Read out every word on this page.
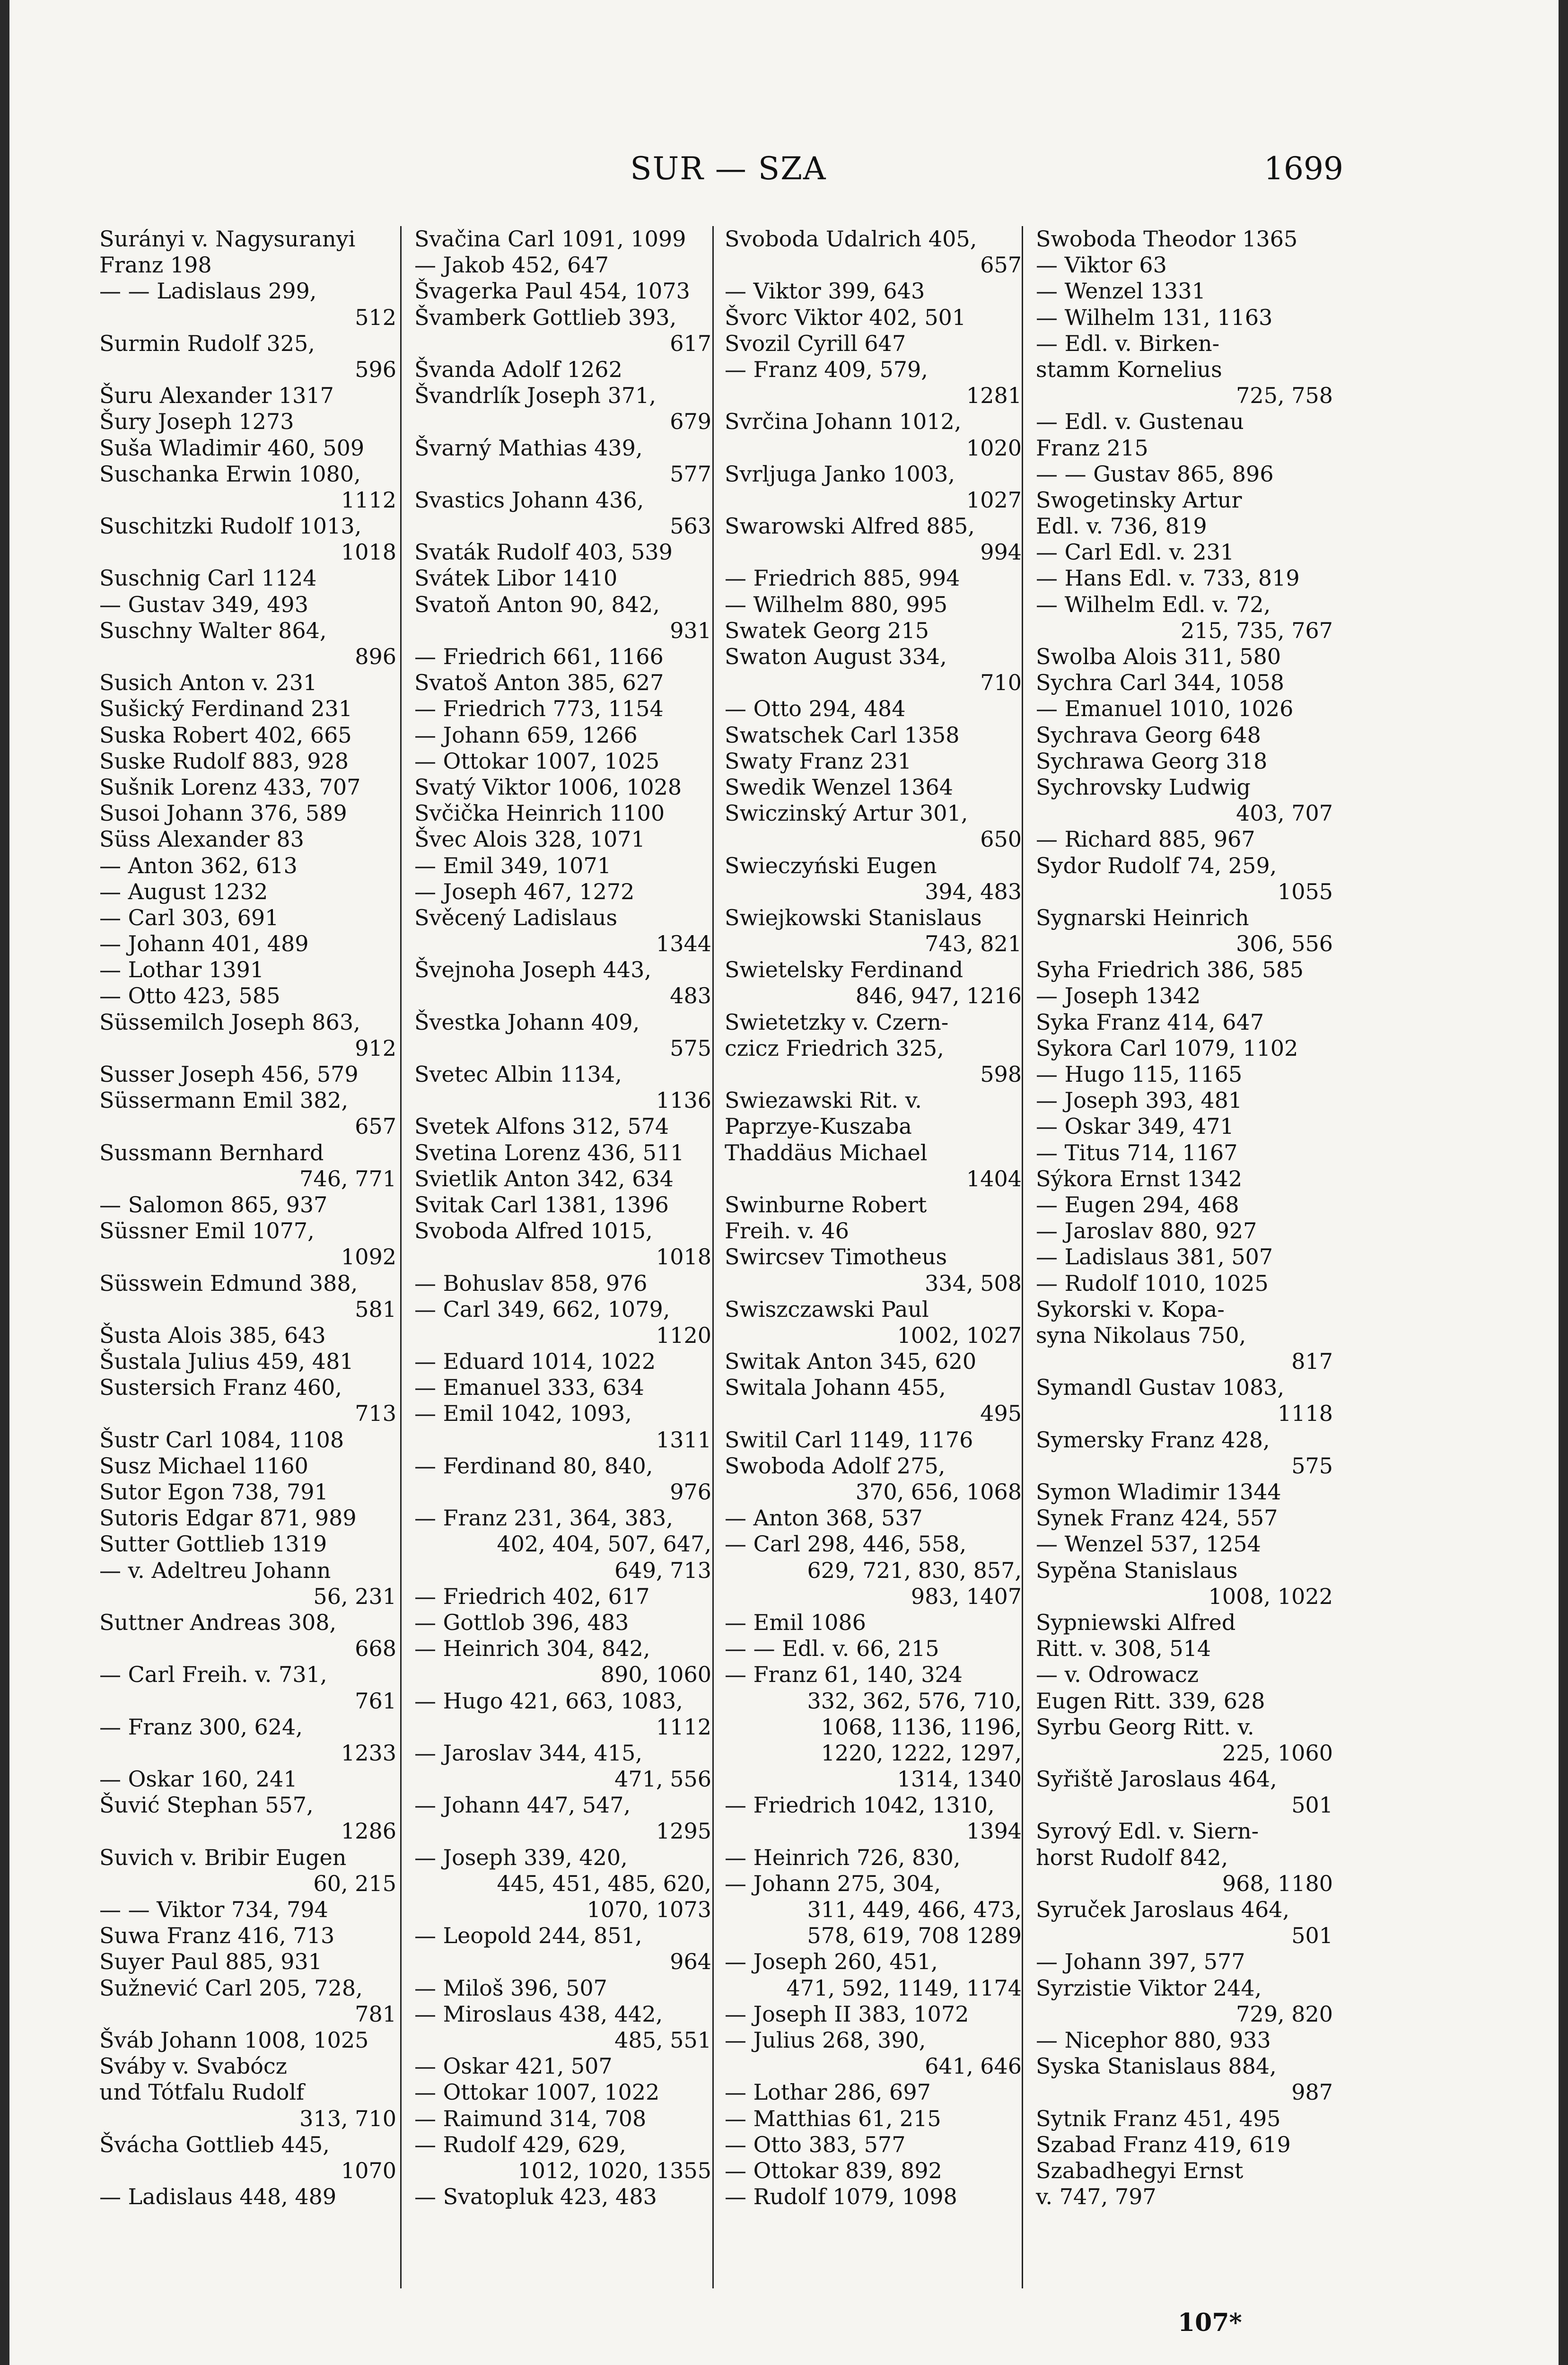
SUR — SZA	1699
Surányi v. Nagysuranyi
Franz 198
— — Ladislaus 299,
512
Surmin Rudolf 325,
596
Šuru Alexander 1317
Šury Joseph 1273
Suša Wladimir 460, 509
Suschanka Erwin 1080,
1112
Suschitzki Rudolf 1013,
1018
Suschnig Carl 1124
— Gustav 349, 493
Suschny Walter 864,
896
Susich Anton v. 231
Sušický Ferdinand 231
Suska Robert 402, 665
Suske Rudolf 883, 928
Sušnik Lorenz 433, 707
Susoi Johann 376, 589
Süss Alexander 83
— Anton 362, 613
— August 1232
— Carl 303, 691
— Johann 401, 489
— Lothar 1391
— Otto 423, 585
Süssemilch Joseph 863,
912
Susser Joseph 456, 579
Süssermann Emil 382,
657
Sussmann Bernhard
746, 771
— Salomon 865, 937
Süssner Emil 1077,
1092
Süsswein Edmund 388,
581
Šusta Alois 385, 643
Šustala Julius 459, 481
Sustersich Franz 460,
713
Šustr Carl 1084, 1108
Susz Michael 1160
Sutor Egon 738, 791
Sutoris Edgar 871, 989
Sutter Gottlieb 1319
— v. Adeltreu Johann
56, 231
Suttner Andreas 308,
668
— Carl Freih. v. 731,
761
— Franz 300, 624,
1233
— Oskar 160, 241
Šuvić Stephan 557,
1286
Suvich v. Bribir Eugen
60, 215
— — Viktor 734, 794
Suwa Franz 416, 713
Suyer Paul 885, 931
Sužnević Carl 205, 728,
781
Šváb Johann 1008, 1025
Sváby v. Svabócz
und Tótfalu Rudolf
313, 710
Švácha Gottlieb 445,
1070
— Ladislaus 448, 489
Svačina Carl 1091, 1099
— Jakob 452, 647
Švagerka Paul 454, 1073
Švamberk Gottlieb 393,
617
Švanda Adolf 1262
Švandrlík Joseph 371,
679
Švarný Mathias 439,
577
Svastics Johann 436,
563
Svaták Rudolf 403, 539
Svátek Libor 1410
Svatoň Anton 90, 842,
931
— Friedrich 661, 1166
Svatoš Anton 385, 627
— Friedrich 773, 1154
— Johann 659, 1266
— Ottokar 1007, 1025
Svatý Viktor 1006, 1028
Svčička Heinrich 1100
Švec Alois 328, 1071
— Emil 349, 1071
— Joseph 467, 1272
Svěcený Ladislaus
1344
Švejnoha Joseph 443,
483
Švestka Johann 409,
575
Svetec Albin 1134,
1136
Svetek Alfons 312, 574
Svetina Lorenz 436, 511
Svietlik Anton 342, 634
Svitak Carl 1381, 1396
Svoboda Alfred 1015,
1018
— Bohuslav 858, 976
— Carl 349, 662, 1079,
1120
— Eduard 1014, 1022
— Emanuel 333, 634
— Emil 1042, 1093,
1311
— Ferdinand 80, 840,
976
— Franz 231, 364, 383,
402, 404, 507, 647,
649, 713
— Friedrich 402, 617
— Gottlob 396, 483
— Heinrich 304, 842,
890, 1060
— Hugo 421, 663, 1083,
1112
— Jaroslav 344, 415,
471, 556
— Johann 447, 547,
1295
— Joseph 339, 420,
445, 451, 485, 620,
1070, 1073
— Leopold 244, 851,
964
— Miloš 396, 507
— Miroslaus 438, 442,
485, 551
— Oskar 421, 507
— Ottokar 1007, 1022
— Raimund 314, 708
— Rudolf 429, 629,
1012, 1020, 1355
— Svatopluk 423, 483
Svoboda Udalrich 405,
657
— Viktor 399, 643
Švorc Viktor 402, 501
Svozil Cyrill 647
— Franz 409, 579,
1281
Svrčina Johann 1012,
1020
Svrljuga Janko 1003,
1027
Swarowski Alfred 885,
994
— Friedrich 885, 994
— Wilhelm 880, 995
Swatek Georg 215
Swaton August 334,
710
— Otto 294, 484
Swatschek Carl 1358
Swaty Franz 231
Swedik Wenzel 1364
Swiczinský Artur 301,
650
Swieczyński Eugen
394, 483
Swiejkowski Stanislaus
743, 821
Swietelsky Ferdinand
846, 947, 1216
Swietetzky v. Czern-
czicz Friedrich 325,
598
Swiezawski Rit. v.
Paprzye-Kuszaba
Thaddäus Michael
1404
Swinburne Robert
Freih. v. 46
Swircsev Timotheus
334, 508
Swiszczawski Paul
1002, 1027
Switak Anton 345, 620
Switala Johann 455,
495
Switil Carl 1149, 1176
Swoboda Adolf 275,
370, 656, 1068
— Anton 368, 537
— Carl 298, 446, 558,
629, 721, 830, 857,
983, 1407
— Emil 1086
— — Edl. v. 66, 215
— Franz 61, 140, 324
332, 362, 576, 710,
1068, 1136, 1196,
1220, 1222, 1297,
1314, 1340
— Friedrich 1042, 1310,
1394
— Heinrich 726, 830,
— Johann 275, 304,
311, 449, 466, 473,
578, 619, 708 1289
— Joseph 260, 451,
471, 592, 1149, 1174
— Joseph II 383, 1072
— Julius 268, 390,
641, 646
— Lothar 286, 697
— Matthias 61, 215
— Otto 383, 577
— Ottokar 839, 892
— Rudolf 1079, 1098
Swoboda Theodor 1365
— Viktor 63
— Wenzel 1331
— Wilhelm 131, 1163
— Edl. v. Birken-
stamm Kornelius
725, 758
— Edl. v. Gustenau
Franz 215
— — Gustav 865, 896
Swogetinsky Artur
Edl. v. 736, 819
— Carl Edl. v. 231
— Hans Edl. v. 733, 819
— Wilhelm Edl. v. 72,
215, 735, 767
Swolba Alois 311, 580
Sychra Carl 344, 1058
— Emanuel 1010, 1026
Sychrava Georg 648
Sychrawa Georg 318
Sychrovsky Ludwig
403, 707
— Richard 885, 967
Sydor Rudolf 74, 259,
1055
Sygnarski Heinrich
306, 556
Syha Friedrich 386, 585
— Joseph 1342
Syka Franz 414, 647
Sykora Carl 1079, 1102
— Hugo 115, 1165
— Joseph 393, 481
— Oskar 349, 471
— Titus 714, 1167
Sýkora Ernst 1342
— Eugen 294, 468
— Jaroslav 880, 927
— Ladislaus 381, 507
— Rudolf 1010, 1025
Sykorski v. Kopa-
syna Nikolaus 750,
817
Symandl Gustav 1083,
1118
Symersky Franz 428,
575
Symon Wladimir 1344
Synek Franz 424, 557
— Wenzel 537, 1254
Sypěna Stanislaus
1008, 1022
Sypniewski Alfred
Ritt. v. 308, 514
— v. Odrowacz
Eugen Ritt. 339, 628
Syrbu Georg Ritt. v.
225, 1060
Syřiště Jaroslaus 464,
501
Syrový Edl. v. Siern-
horst Rudolf 842,
968, 1180
Syruček Jaroslaus 464,
501
— Johann 397, 577
Syrzistie Viktor 244,
729, 820
— Nicephor 880, 933
Syska Stanislaus 884,
987
Sytnik Franz 451, 495
Szabad Franz 419, 619
Szabadhegyi Ernst
v. 747, 797
107*
